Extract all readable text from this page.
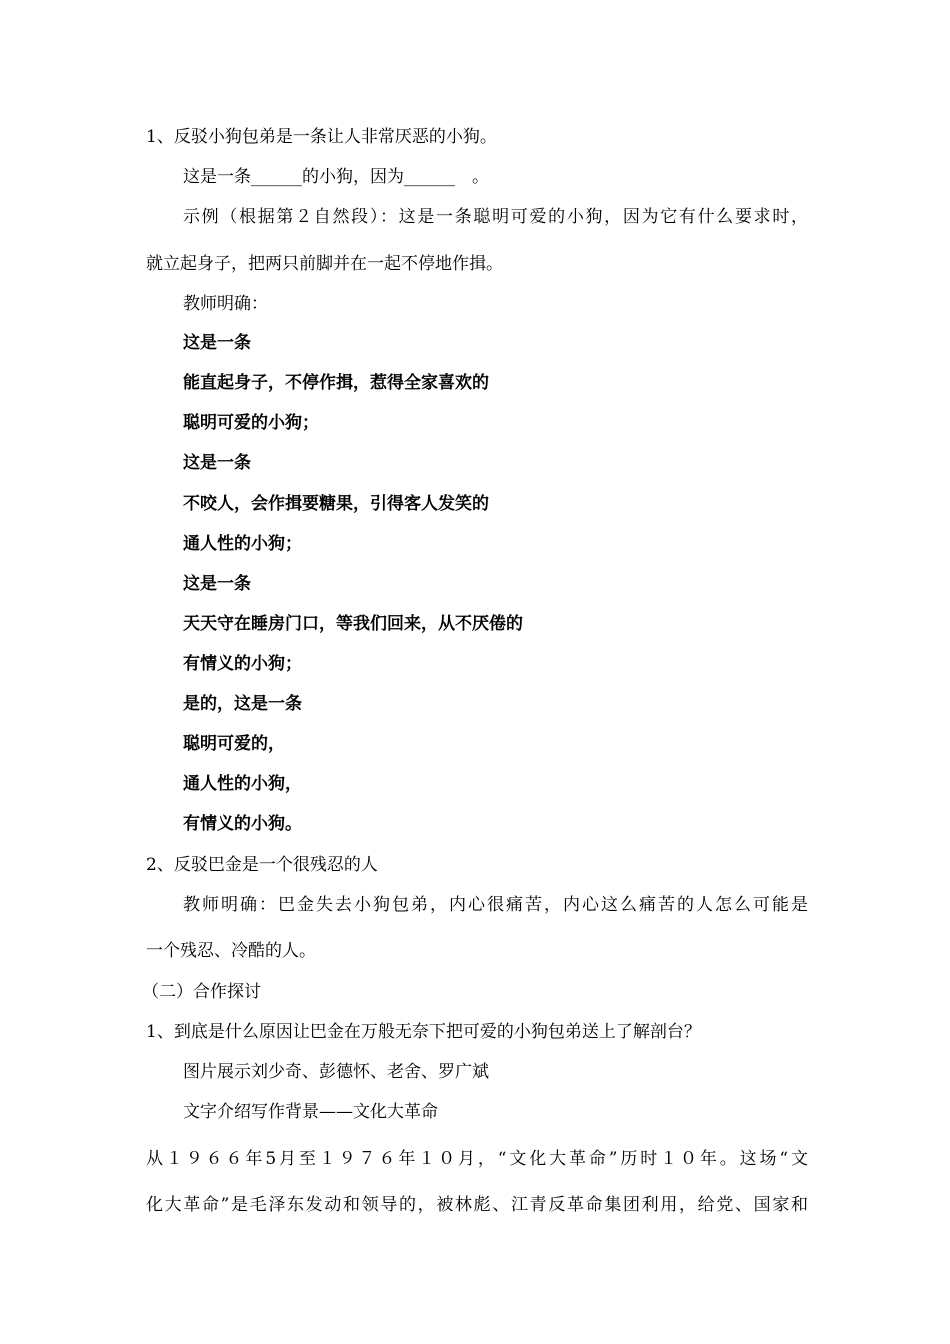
1、反驳小狗包弟是一条让人非常厌恶的小狗。
这是一条______的小狗，因为______　。
示例（根据第２自然段）：这是一条聪明可爱的小狗，因为它有什么要求时，
就立起身子，把两只前脚并在一起不停地作揖。
教师明确：
这是一条
能直起身子，不停作揖，惹得全家喜欢的
聪明可爱的小狗；
这是一条
不咬人，会作揖要糖果，引得客人发笑的
通人性的小狗；
这是一条
天天守在睡房门口，等我们回来，从不厌倦的
有情义的小狗；
是的，这是一条
聪明可爱的，
通人性的小狗，
有情义的小狗。
2、反驳巴金是一个很残忍的人
教师明确：巴金失去小狗包弟，内心很痛苦，内心这么痛苦的人怎么可能是
一个残忍、冷酷的人。
（二）合作探讨
1、到底是什么原因让巴金在万般无奈下把可爱的小狗包弟送上了解剖台？
图片展示刘少奇、彭德怀、老舍、罗广斌
文字介绍写作背景——文化大革命
从１９６６年5月至１９７６年１０月，“文化大革命”历时１０年。这场“文
化大革命”是毛泽东发动和领导的，被林彪、江青反革命集团利用，给党、国家和
